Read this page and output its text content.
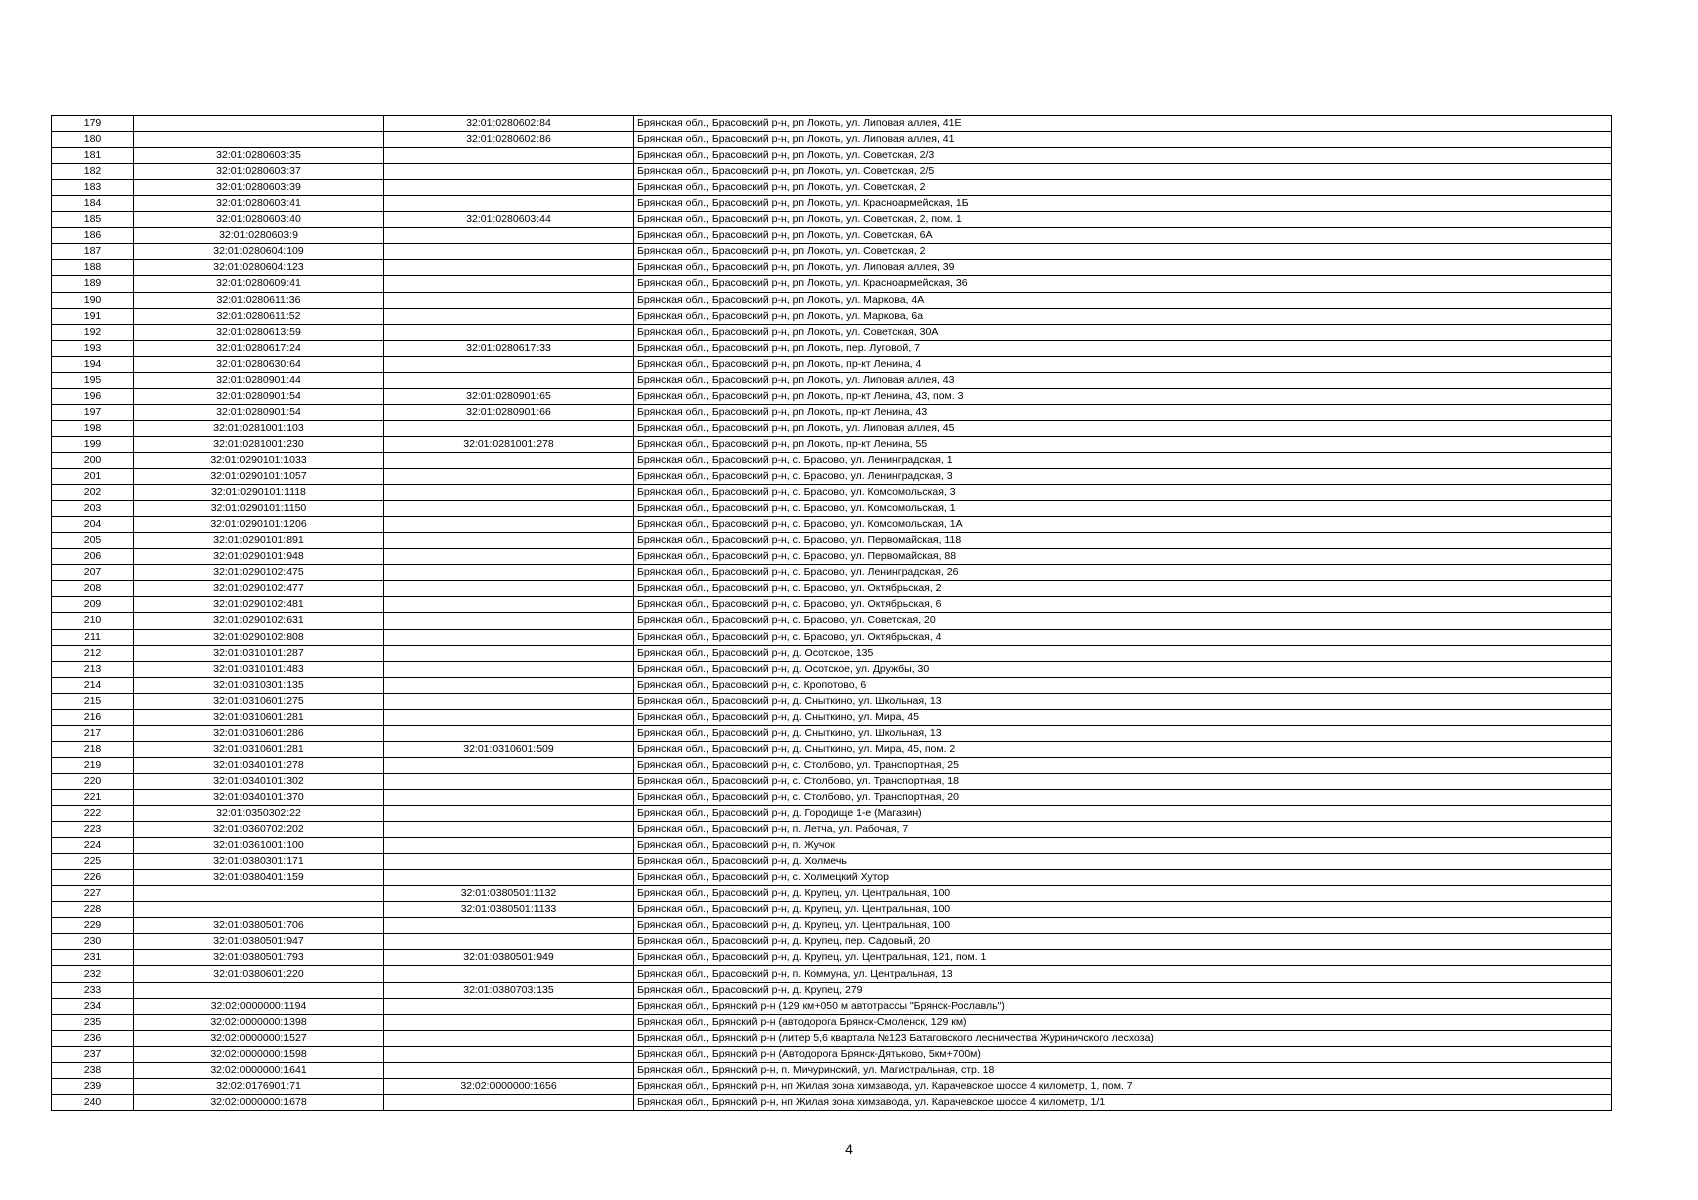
179		32:01:0280602:84	Брянская обл., Брасовский р-н, рп Локоть, ул. Липовая аллея, 41Е
180		32:01:0280602:86	Брянская обл., Брасовский р-н, рп Локоть, ул. Липовая аллея, 41
181	32:01:0280603:35		Брянская обл., Брасовский р-н, рп Локоть, ул. Советская, 2/3
182	32:01:0280603:37		Брянская обл., Брасовский р-н, рп Локоть, ул. Советская, 2/5
183	32:01:0280603:39		Брянская обл., Брасовский р-н, рп Локоть, ул. Советская, 2
184	32:01:0280603:41		Брянская обл., Брасовский р-н, рп Локоть, ул. Красноармейская, 1Б
185	32:01:0280603:40	32:01:0280603:44	Брянская обл., Брасовский р-н, рп Локоть, ул. Советская, 2, пом. 1
186	32:01:0280603:9		Брянская обл., Брасовский р-н, рп Локоть, ул. Советская, 6А
187	32:01:0280604:109		Брянская обл., Брасовский р-н, рп Локоть, ул. Советская, 2
188	32:01:0280604:123		Брянская обл., Брасовский р-н, рп Локоть, ул. Липовая аллея, 39
189	32:01:0280609:41		Брянская обл., Брасовский р-н, рп Локоть, ул. Красноармейская, 36
190	32:01:0280611:36		Брянская обл., Брасовский р-н, рп Локоть, ул. Маркова, 4А
191	32:01:0280611:52		Брянская обл., Брасовский р-н, рп Локоть, ул. Маркова, 6а
192	32:01:0280613:59		Брянская обл., Брасовский р-н, рп Локоть, ул. Советская, 30А
193	32:01:0280617:24	32:01:0280617:33	Брянская обл., Брасовский р-н, рп Локоть, пер. Луговой, 7
194	32:01:0280630:64		Брянская обл., Брасовский р-н, рп Локоть, пр-кт Ленина, 4
195	32:01:0280901:44		Брянская обл., Брасовский р-н, рп Локоть, ул. Липовая аллея, 43
196	32:01:0280901:54	32:01:0280901:65	Брянская обл., Брасовский р-н, рп Локоть, пр-кт Ленина, 43, пом. 3
197	32:01:0280901:54	32:01:0280901:66	Брянская обл., Брасовский р-н, рп Локоть, пр-кт Ленина, 43
198	32:01:0281001:103		Брянская обл., Брасовский р-н, рп Локоть, ул. Липовая аллея, 45
199	32:01:0281001:230	32:01:0281001:278	Брянская обл., Брасовский р-н, рп Локоть, пр-кт Ленина, 55
200	32:01:0290101:1033		Брянская обл., Брасовский р-н, с. Брасово, ул. Ленинградская, 1
201	32:01:0290101:1057		Брянская обл., Брасовский р-н, с. Брасово, ул. Ленинградская, 3
202	32:01:0290101:1118		Брянская обл., Брасовский р-н, с. Брасово, ул. Комсомольская, 3
203	32:01:0290101:1150		Брянская обл., Брасовский р-н, с. Брасово, ул. Комсомольская, 1
204	32:01:0290101:1206		Брянская обл., Брасовский р-н, с. Брасово, ул. Комсомольская, 1А
205	32:01:0290101:891		Брянская обл., Брасовский р-н, с. Брасово, ул. Первомайская, 118
206	32:01:0290101:948		Брянская обл., Брасовский р-н, с. Брасово, ул. Первомайская, 88
207	32:01:0290102:475		Брянская обл., Брасовский р-н, с. Брасово, ул. Ленинградская, 26
208	32:01:0290102:477		Брянская обл., Брасовский р-н, с. Брасово, ул. Октябрьская, 2
209	32:01:0290102:481		Брянская обл., Брасовский р-н, с. Брасово, ул. Октябрьская, 6
210	32:01:0290102:631		Брянская обл., Брасовский р-н, с. Брасово, ул. Советская, 20
211	32:01:0290102:808		Брянская обл., Брасовский р-н, с. Брасово, ул. Октябрьская, 4
212	32:01:0310101:287		Брянская обл., Брасовский р-н, д. Осотское, 135
213	32:01:0310101:483		Брянская обл., Брасовский р-н, д. Осотское, ул. Дружбы, 30
214	32:01:0310301:135		Брянская обл., Брасовский р-н, с. Кропотово, 6
215	32:01:0310601:275		Брянская обл., Брасовский р-н, д. Сныткино, ул. Школьная, 13
216	32:01:0310601:281		Брянская обл., Брасовский р-н, д. Сныткино, ул. Мира, 45
217	32:01:0310601:286		Брянская обл., Брасовский р-н, д. Сныткино, ул. Школьная, 13
218	32:01:0310601:281	32:01:0310601:509	Брянская обл., Брасовский р-н, д. Сныткино, ул. Мира, 45, пом. 2
219	32:01:0340101:278		Брянская обл., Брасовский р-н, с. Столбово, ул. Транспортная, 25
220	32:01:0340101:302		Брянская обл., Брасовский р-н, с. Столбово, ул. Транспортная, 18
221	32:01:0340101:370		Брянская обл., Брасовский р-н, с. Столбово, ул. Транспортная, 20
222	32:01:0350302:22		Брянская обл., Брасовский р-н, д. Городище 1-е (Магазин)
223	32:01:0360702:202		Брянская обл., Брасовский р-н, п. Летча, ул. Рабочая, 7
224	32:01:0361001:100		Брянская обл., Брасовский р-н, п. Жучок
225	32:01:0380301:171		Брянская обл., Брасовский р-н, д. Холмечь
226	32:01:0380401:159		Брянская обл., Брасовский р-н, с. Холмецкий Хутор
227		32:01:0380501:1132	Брянская обл., Брасовский р-н, д. Крупец, ул. Центральная, 100
228		32:01:0380501:1133	Брянская обл., Брасовский р-н, д. Крупец, ул. Центральная, 100
229	32:01:0380501:706		Брянская обл., Брасовский р-н, д. Крупец, ул. Центральная, 100
230	32:01:0380501:947		Брянская обл., Брасовский р-н, д. Крупец, пер. Садовый, 20
231	32:01:0380501:793	32:01:0380501:949	Брянская обл., Брасовский р-н, д. Крупец, ул. Центральная, 121, пом. 1
232	32:01:0380601:220		Брянская обл., Брасовский р-н, п. Коммуна, ул. Центральная, 13
233		32:01:0380703:135	Брянская обл., Брасовский р-н, д. Крупец, 279
234	32:02:0000000:1194		Брянская обл., Брянский р-н (129 км+050 м автотрассы "Брянск-Рославль")
235	32:02:0000000:1398		Брянская обл., Брянский р-н (автодорога Брянск-Смоленск, 129 км)
236	32:02:0000000:1527		Брянская обл., Брянский р-н (литер 5,6 квартала №123 Батаговского лесничества Журиничского лесхоза)
237	32:02:0000000:1598		Брянская обл., Брянский р-н (Автодорога Брянск-Дятьково, 5км+700м)
238	32:02:0000000:1641		Брянская обл., Брянский р-н, п. Мичуринский, ул. Магистральная, стр. 18
239	32:02:0176901:71	32:02:0000000:1656	Брянская обл., Брянский р-н, нп Жилая зона химзавода, ул. Карачевское шоссе 4 километр, 1, пом. 7
240	32:02:0000000:1678		Брянская обл., Брянский р-н, нп Жилая зона химзавода, ул. Карачевское шоссе 4 километр, 1/1
4
